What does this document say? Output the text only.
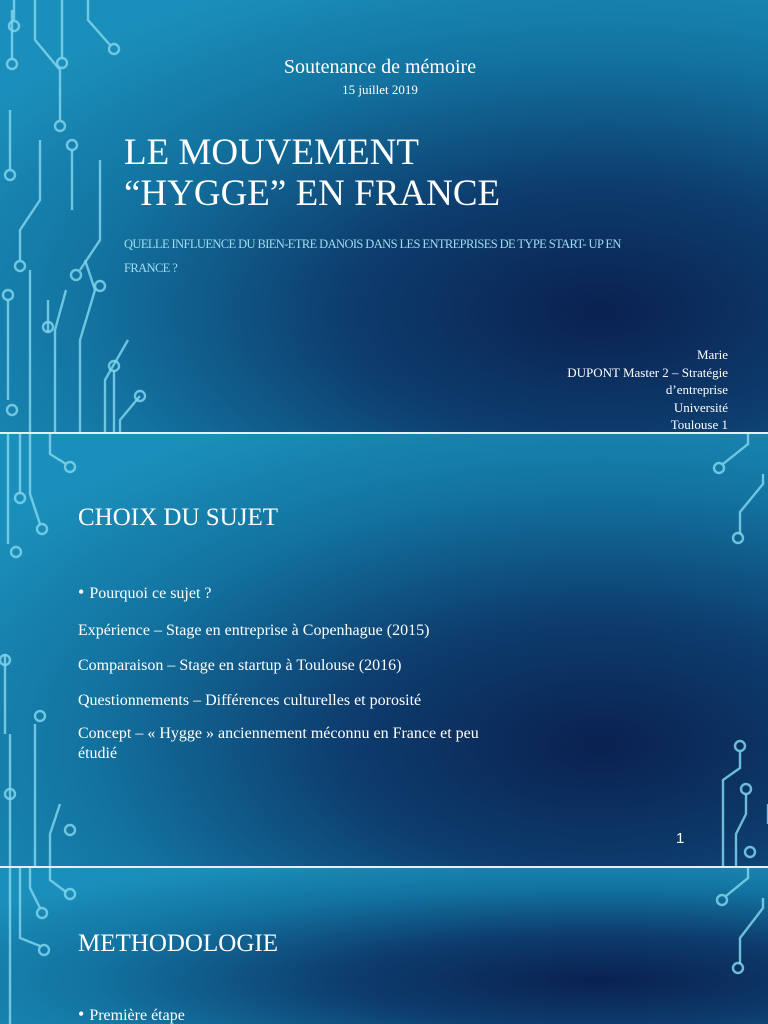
Soutenance de mémoire
15 juillet 2019
LE MOUVEMENT
“HYGGE” EN FRANCE
QUELLE INFLUENCE DU BIEN-ETRE DANOIS DANS LES ENTREPRISES DE TYPE START- UP EN FRANCE ?
Marie
DUPONT Master 2 – Stratégie
d’entreprise
Université
Toulouse 1
CHOIX DU SUJET
• Pourquoi ce sujet ?
Expérience – Stage en entreprise à Copenhague (2015)
Comparaison – Stage en startup à Toulouse (2016)
Questionnements – Différences culturelles et porosité
Concept – « Hygge » anciennement méconnu en France et peu étudié
1
METHODOLOGIE
• Première étape
